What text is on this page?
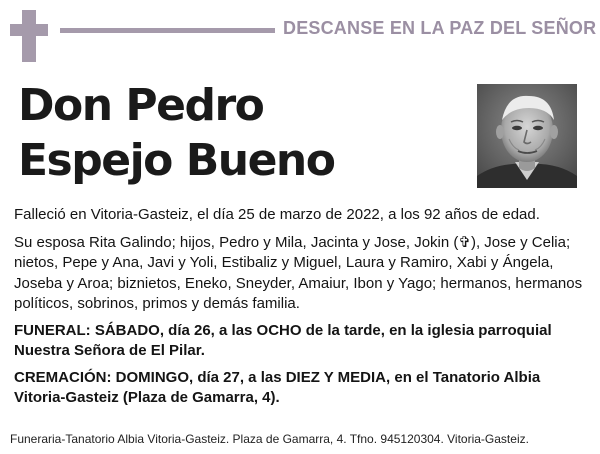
DESCANSE EN LA PAZ DEL SEÑOR
Don Pedro
Espejo Bueno

Falleció en Vitoria-Gasteiz, el día 25 de marzo de 2022, a los 92 años de edad.

Su esposa Rita Galindo; hijos, Pedro y Mila, Jacinta y Jose, Jokin (✞), Jose y Celia; nietos, Pepe y Ana, Javi y Yoli, Estibaliz y Miguel, Laura y Ramiro, Xabi y Ángela, Joseba y Aroa; biznietos, Eneko, Sneyder, Amaiur, Ibon y Yago; hermanos, hermanos políticos, sobrinos, primos y demás familia.

FUNERAL: SÁBADO, día 26, a las OCHO de la tarde, en la iglesia parroquial Nuestra Señora de El Pilar.

CREMACIÓN: DOMINGO, día 27, a las DIEZ Y MEDIA, en el Tanatorio Albia Vitoria-Gasteiz (Plaza de Gamarra, 4).

Funeraria-Tanatorio Albia Vitoria-Gasteiz. Plaza de Gamarra, 4. Tfno. 945120304. Vitoria-Gasteiz.
